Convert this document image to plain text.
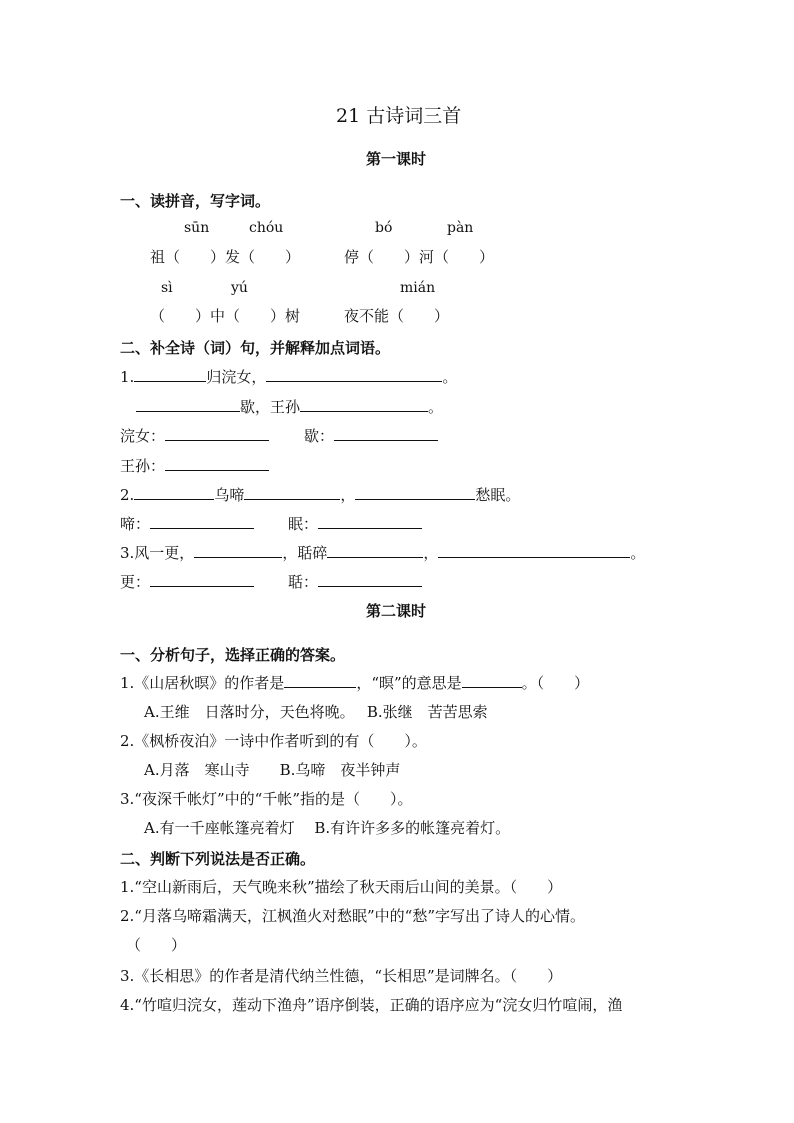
21 古诗词三首
第一课时
一、读拼音，写字词。
sūn	chóu	bó	pàn
祖（　　）发（　　）	停（　　）河（　　）
sì	yú	mián
（　　）中（　　）树	夜不能（　　）
二、补全诗（词）句，并解释加点词语。
1.	归浣女，	。
歇，王孙	。
浣女：	歇：
王孙：
2.	乌啼	，	愁眠。
啼：	眠：
3.风一更，	，聒碎	，	。
更：	聒：
第二课时
一、分析句子，选择正确的答案。
1.《山居秋暝》的作者是	，“暝”的意思是	。（　　）
A.王维　日落时分，天色将晚。　 B.张继　苦苦思索
2.《枫桥夜泊》一诗中作者听到的有（　　）。
A.月落　寒山寺　　B.乌啼　夜半钟声
3.“夜深千帐灯”中的“千帐”指的是（　　）。
A.有一千座帐篷亮着灯　 B.有许许多多的帐篷亮着灯。
二、判断下列说法是否正确。
1.“空山新雨后，天气晚来秋”描绘了秋天雨后山间的美景。（　　）
2.“月落乌啼霜满天，江枫渔火对愁眠”中的“愁”字写出了诗人的心情。
（　　）
3.《长相思》的作者是清代纳兰性德，“长相思”是词牌名。（　　）
4.“竹喧归浣女，莲动下渔舟”语序倒装，正确的语序应为“浣女归竹喧闹，渔
